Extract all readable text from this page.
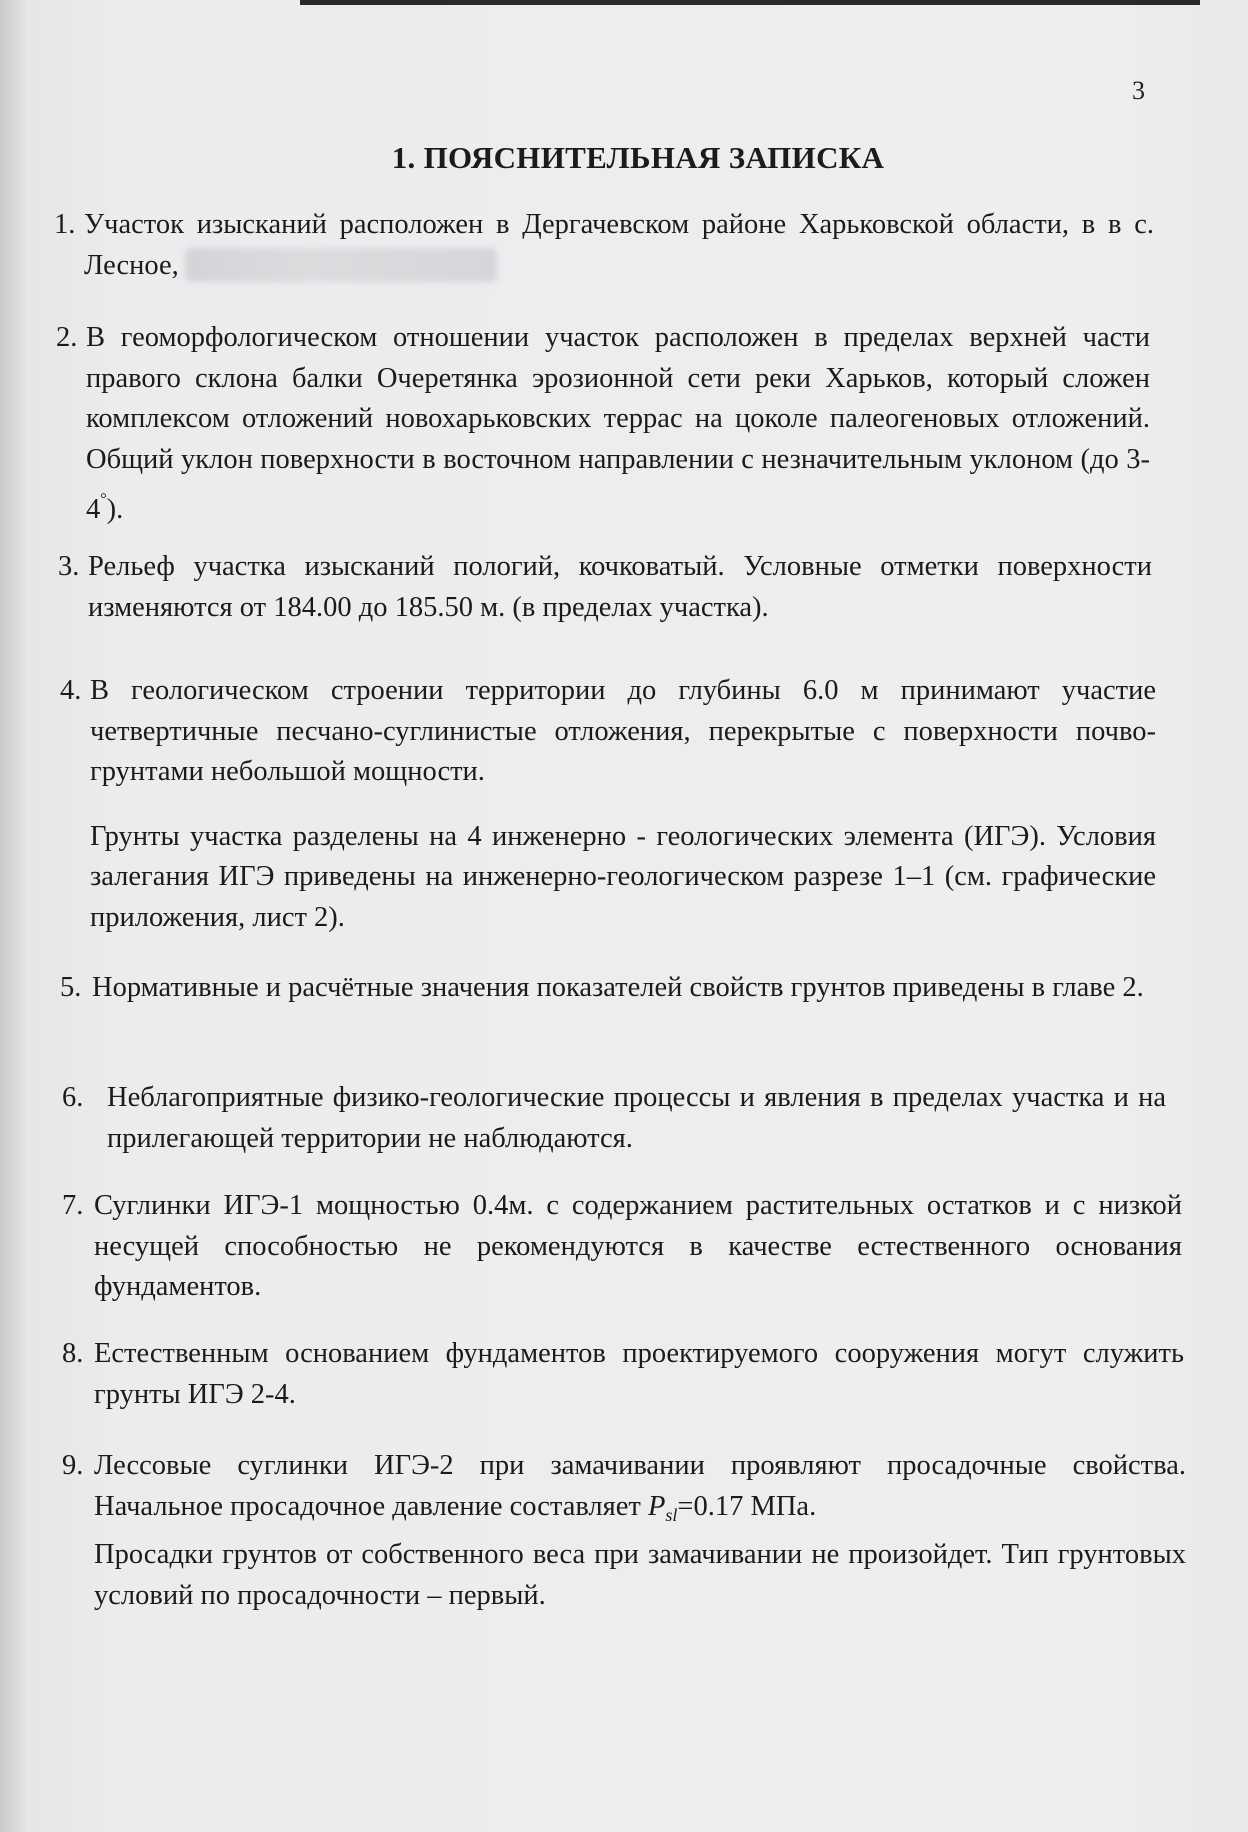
3
1. ПОЯСНИТЕЛЬНАЯ ЗАПИСКА
1. Участок изысканий расположен в Дергачевском районе Харьковской области, в в с. Лесное,
2. В геоморфологическом отношении участок расположен в пределах верхней части правого склона балки Очеретянка эрозионной сети реки Харьков, который сложен комплексом отложений новохарьковских террас на цоколе палеогеновых отложений. Общий уклон поверхности в восточном направлении с незначительным уклоном (до 3-4°).
3. Рельеф участка изысканий пологий, кочковатый. Условные отметки поверхности изменяются от 184.00 до 185.50 м. (в пределах участка).
4. В геологическом строении территории до глубины 6.0 м принимают участие четвертичные песчано-суглинистые отложения, перекрытые с поверхности почво-грунтами небольшой мощности.
Грунты участка разделены на 4 инженерно - геологических элемента (ИГЭ). Условия залегания ИГЭ приведены на инженерно-геологическом разрезе 1–1 (см. графические приложения, лист 2).
5. Нормативные и расчётные значения показателей свойств грунтов приведены в главе 2.
6. Неблагоприятные физико-геологические процессы и явления в пределах участка и на прилегающей территории не наблюдаются.
7. Суглинки ИГЭ-1 мощностью 0.4м. с содержанием растительных остатков и с низкой несущей способностью не рекомендуются в качестве естественного основания фундаментов.
8. Естественным основанием фундаментов проектируемого сооружения могут служить грунты ИГЭ 2-4.
9. Лессовые суглинки ИГЭ-2 при замачивании проявляют просадочные свойства. Начальное просадочное давление составляет $P_{sl}=0.17$ МПа.
Просадки грунтов от собственного веса при замачивании не произойдет. Тип грунтовых условий по просадочности – первый.
